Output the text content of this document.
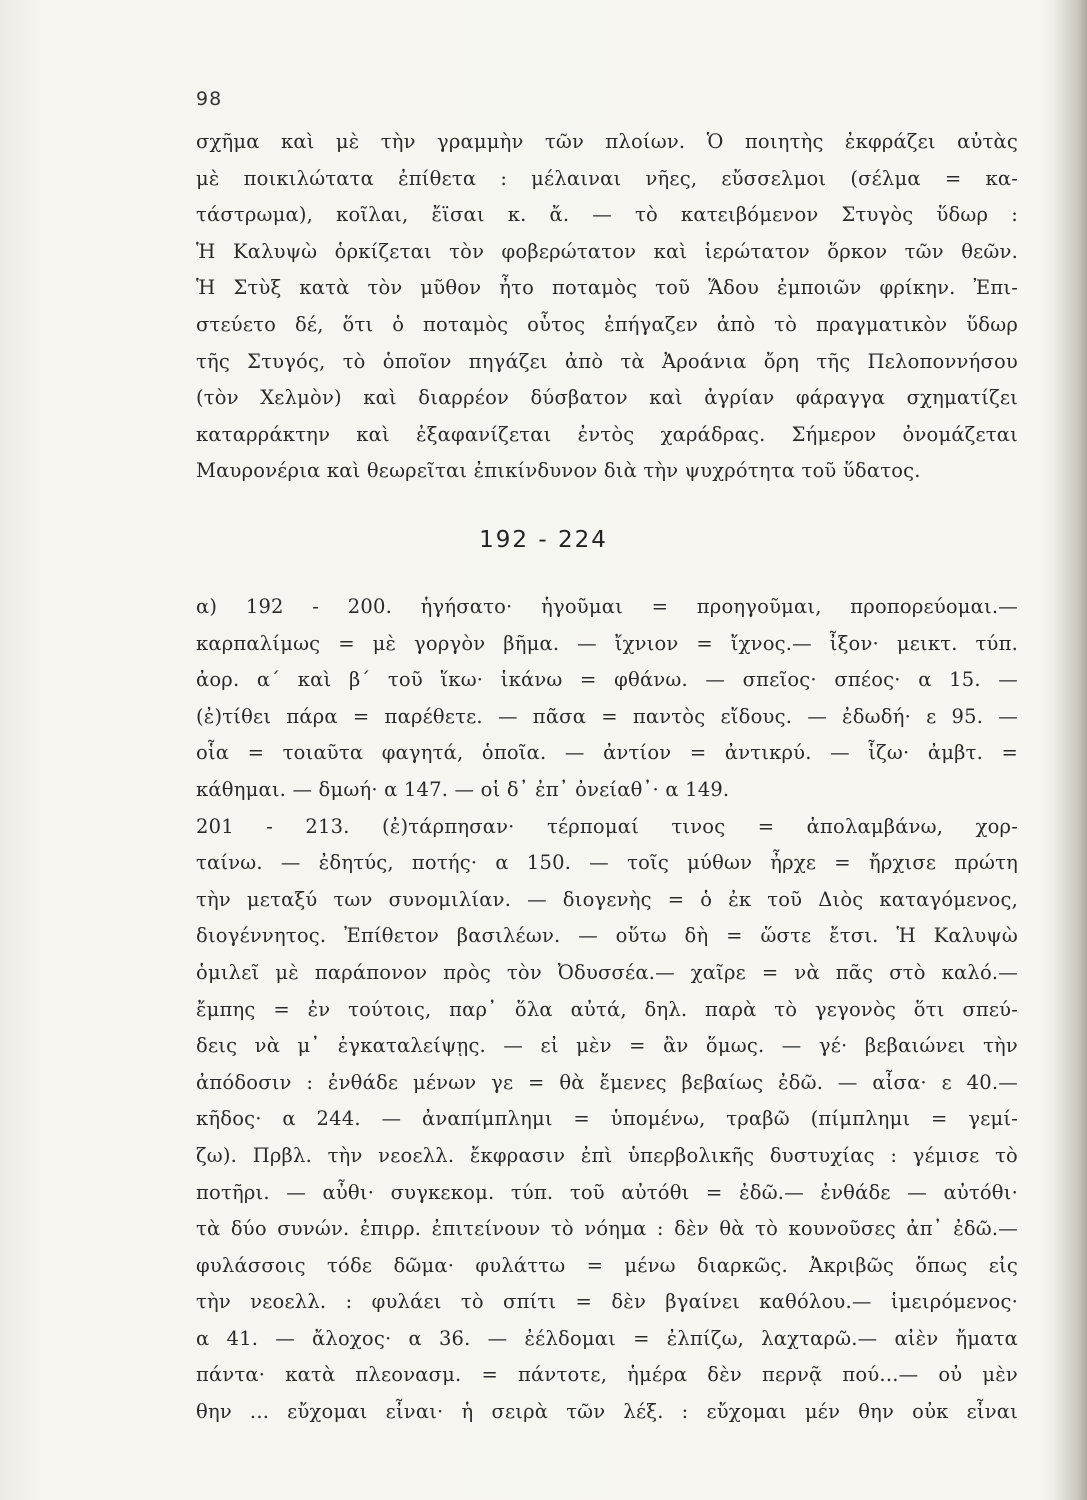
98
σχῆμα καὶ μὲ τὴν γραμμὴν τῶν πλοίων. Ὁ ποιητὴς ἐκφράζει αὐτὰς
μὲ ποικιλώτατα ἐπίθετα : μέλαιναι νῆες, εὔσσελμοι (σέλμα = κα-
τάστρωμα), κοῖλαι, ἔϊσαι κ. ἄ. — τὸ κατειβόμενον Στυγὸς ὕδωρ :
Ἡ Καλυψὼ ὁρκίζεται τὸν φοβερώτατον καὶ ἱερώτατον ὅρκον τῶν θεῶν.
Ἡ Στὺξ κατὰ τὸν μῦθον ἦτο ποταμὸς τοῦ Ἅδου ἐμποιῶν φρίκην. Ἐπι-
στεύετο δέ, ὅτι ὁ ποταμὸς οὗτος ἐπήγαζεν ἀπὸ τὸ πραγματικὸν ὕδωρ
τῆς Στυγός, τὸ ὁποῖον πηγάζει ἀπὸ τὰ Ἀροάνια ὄρη τῆς Πελοποννήσου
(τὸν Χελμὸν) καὶ διαρρέον δύσβατον καὶ ἀγρίαν φάραγγα σχηματίζει
καταρράκτην καὶ ἐξαφανίζεται ἐντὸς χαράδρας. Σήμερον ὀνομάζεται
Μαυρονέρια καὶ θεωρεῖται ἐπικίνδυνον διὰ τὴν ψυχρότητα τοῦ ὕδατος.
192 - 224
α) 192 - 200. ἡγήσατο· ἡγοῦμαι = προηγοῦμαι, προπορεύομαι.—
καρπαλίμως = μὲ γοργὸν βῆμα. — ἴχνιον = ἴχνος.— ἶξον· μεικτ. τύπ.
ἀορ. α΄ καὶ β΄ τοῦ ἵκω· ἱκάνω = φθάνω. — σπεῖος· σπέος· α 15. —
(ἐ)τίθει πάρα = παρέθετε. — πᾶσα = παντὸς εἴδους. — ἐδωδή· ε 95. —
οἷα = τοιαῦτα φαγητά, ὁποῖα. — ἀντίον = ἀντικρύ. — ἷζω· ἀμβτ. =
κάθημαι. — δμωή· α 147. — οἱ δ᾽ ἐπ᾽ ὀνείαθ᾽· α 149.
201 - 213. (ἐ)τάρπησαν· τέρπομαί τινος = ἀπολαμβάνω, χορ-
ταίνω. — ἐδητύς, ποτής· α 150. — τοῖς μύθων ἦρχε = ἤρχισε πρώτη
τὴν μεταξύ των συνομιλίαν. — διογενὴς = ὁ ἐκ τοῦ Διὸς καταγόμενος,
διογέννητος. Ἐπίθετον βασιλέων. — οὕτω δὴ = ὥστε ἔτσι. Ἡ Καλυψὼ
ὁμιλεῖ μὲ παράπονον πρὸς τὸν Ὀδυσσέα.— χαῖρε = νὰ πᾶς στὸ καλό.—
ἔμπης = ἐν τούτοις, παρ᾽ ὅλα αὐτά, δηλ. παρὰ τὸ γεγονὸς ὅτι σπεύ-
δεις νὰ μ᾽ ἐγκαταλείψῃς. — εἰ μὲν = ἂν ὅμως. — γέ· βεβαιώνει τὴν
ἀπόδοσιν : ἐνθάδε μένων γε = θὰ ἔμενες βεβαίως ἐδῶ. — αἶσα· ε 40.—
κῆδος· α 244. — ἀναπίμπλημι = ὑπομένω, τραβῶ (πίμπλημι = γεμί-
ζω). Πρβλ. τὴν νεοελλ. ἔκφρασιν ἐπὶ ὑπερβολικῆς δυστυχίας : γέμισε τὸ
ποτῆρι. — αὖθι· συγκεκομ. τύπ. τοῦ αὐτόθι = ἐδῶ.— ἐνθάδε — αὐτόθι·
τὰ δύο συνών. ἐπιρρ. ἐπιτείνουν τὸ νόημα : δὲν θὰ τὸ κουνοῦσες ἀπ᾽ ἐδῶ.—
φυλάσσοις τόδε δῶμα· φυλάττω = μένω διαρκῶς. Ἀκριβῶς ὅπως εἰς
τὴν νεοελλ. : φυλάει τὸ σπίτι = δὲν βγαίνει καθόλου.— ἱμειρόμενος·
α 41. — ἄλοχος· α 36. — ἐέλδομαι = ἐλπίζω, λαχταρῶ.— αἰὲν ἤματα
πάντα· κατὰ πλεονασμ. = πάντοτε, ἡμέρα δὲν περνᾷ πού...— οὐ μὲν
θην ... εὔχομαι εἶναι· ἡ σειρὰ τῶν λέξ. : εὔχομαι μέν θην οὐκ εἶναι
